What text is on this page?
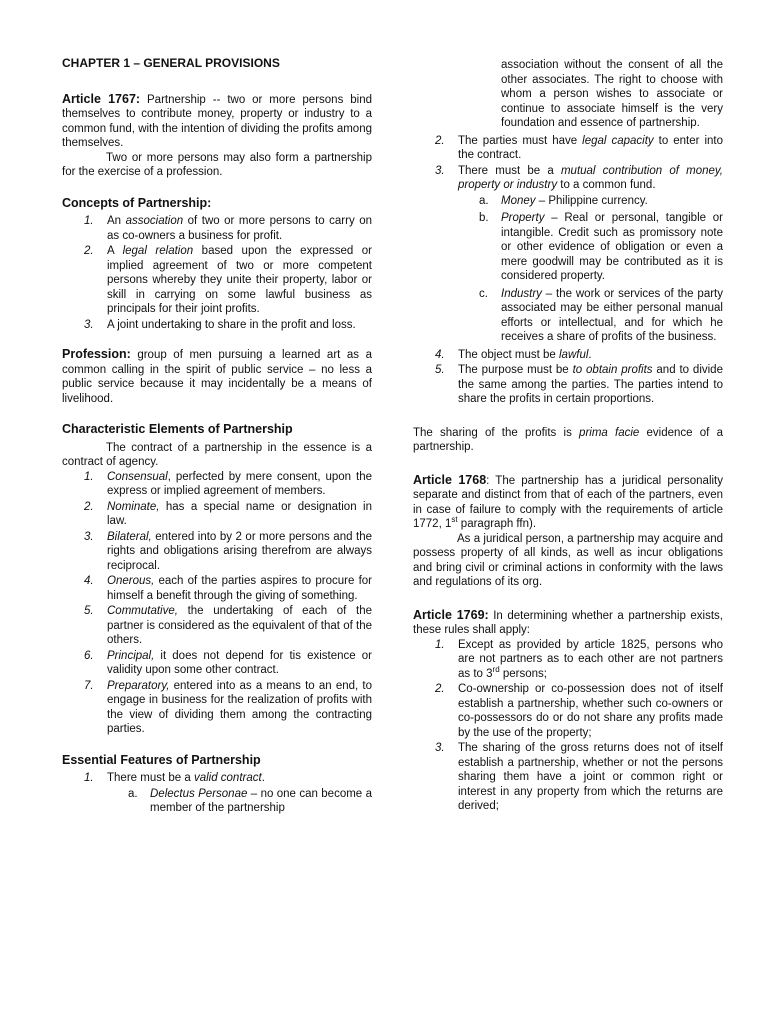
CHAPTER 1 – GENERAL PROVISIONS

Article 1767: Partnership -- two or more persons bind themselves to contribute money, property or industry to a common fund, with the intention of dividing the profits among themselves.

Two or more persons may also form a partnership for the exercise of a profession.

Concepts of Partnership:
1. An association of two or more persons to carry on as co-owners a business for profit.
2. A legal relation based upon the expressed or implied agreement of two or more competent persons whereby they unite their property, labor or skill in carrying on some lawful business as principals for their joint profits.
3. A joint undertaking to share in the profit and loss.

Profession: group of men pursuing a learned art as a common calling in the spirit of public service – no less a public service because it may incidentally be a means of livelihood.

Characteristic Elements of Partnership

The contract of a partnership in the essence is a contract of agency.

1. Consensual, perfected by mere consent, upon the express or implied agreement of members.
2. Nominate, has a special name or designation in law.
3. Bilateral, entered into by 2 or more persons and the rights and obligations arising therefrom are always reciprocal.
4. Onerous, each of the parties aspires to procure for himself a benefit through the giving of something.
5. Commutative, the undertaking of each of the partner is considered as the equivalent of that of the others.
6. Principal, it does not depend for tis existence or validity upon some other contract.
7. Preparatory, entered into as a means to an end, to engage in business for the realization of profits with the view of dividing them among the contracting parties.
Essential Features of Partnership
1. There must be a valid contract.
a. Delectus Personae – no one can become a member of the partnership

association without the consent of all the other associates. The right to choose with whom a person wishes to associate or continue to associate himself is the very foundation and essence of partnership.

2. The parties must have legal capacity to enter into the contract.
3. There must be a mutual contribution of money, property or industry to a common fund.
a. Money – Philippine currency.
b. Property – Real or personal, tangible or intangible. Credit such as promissory note or other evidence of obligation or even a mere goodwill may be contributed as it is considered property.
c. Industry – the work or services of the party associated may be either personal manual efforts or intellectual, and for which he receives a share of profits of the business.
4. The object must be lawful.
5. The purpose must be to obtain profits and to divide the same among the parties. The parties intend to share the profits in certain proportions.

The sharing of the profits is prima facie evidence of a partnership.

Article 1768: The partnership has a juridical personality separate and distinct from that of each of the partners, even in case of failure to comply with the requirements of article 1772, 1st paragraph ffn).

As a juridical person, a partnership may acquire and possess property of all kinds, as well as incur obligations and bring civil or criminal actions in conformity with the laws and regulations of its org.

Article 1769: In determining whether a partnership exists, these rules shall apply:

1. Except as provided by article 1825, persons who are not partners as to each other are not partners as to 3rd persons;
2. Co-ownership or co-possession does not of itself establish a partnership, whether such co-owners or co-possessors do or do not share any profits made by the use of the property;
3. The sharing of the gross returns does not of itself establish a partnership, whether or not the persons sharing them have a joint or common right or interest in any property from which the returns are derived;
